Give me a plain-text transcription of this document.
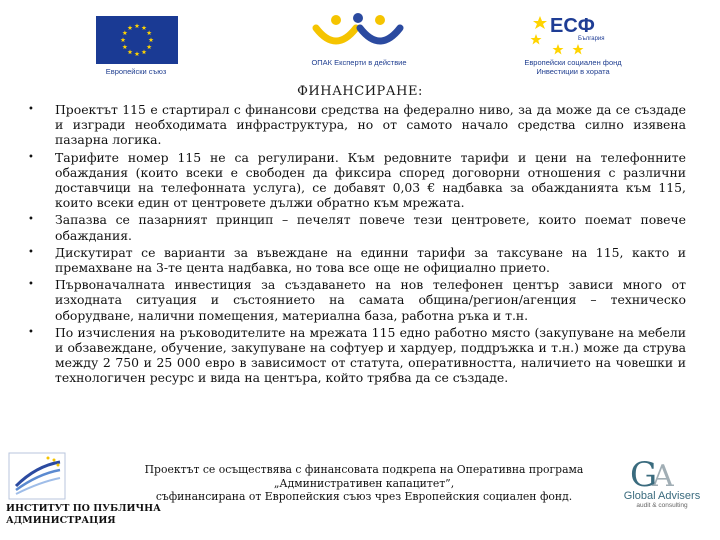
Европейски съюз
ОПАК Експерти в действие
ЕСФ
България
Европейски социален фонд
Инвестиции в хората
ФИНАНСИРАНЕ:
• Проектът 115 е стартирал с финансови средства на федерално ниво, за да може да се създаде и изгради необходимата инфраструктура, но от самото начало средства силно изявена пазарна логика.
• Тарифите номер 115 не са регулирани. Към редовните тарифи и цени на телефонните обаждания (които всеки е свободен да фиксира според договорни отношения с различни доставчици на телефонната услуга), се добавят 0,03 € надбавка за обажданията към 115, които всеки един от центровете дължи обратно към мрежата.
• Запазва се пазарният принцип – печелят повече тези центровете, които поемат повече обаждания.
• Дискутират се варианти за въвеждане на единни тарифи за таксуване на 115, както и премахване на 3-те цента надбавка, но това все още не официално прието.
• Първоначалната инвестиция за създаването на нов телефонен център зависи много от изходната ситуация и състоянието на самата община/регион/агенция – техническо оборудване, налични помещения, материална база, работна ръка и т.н.
• По изчисления на ръководителите на мрежата 115 едно работно място (закупуване на мебели и обзавеждане, обучение, закупуване на софтуер и хардуер, поддръжка и т.н.) може да струва между 2 750 и 25 000 евро в зависимост от статута, оперативността, наличието на човешки и технологичен ресурс и вида на центъра, който трябва да се създаде.
ИНСТИТУТ ПО ПУБЛИЧНА
АДМИНИСТРАЦИЯ
Проектът се осъществява с финансовата подкрепа на Оперативна програма
„Административен капацитет”,
съфинансирана от Европейския съюз чрез Европейския социален фонд.
G
A
Global Advisers
audit & consulting
